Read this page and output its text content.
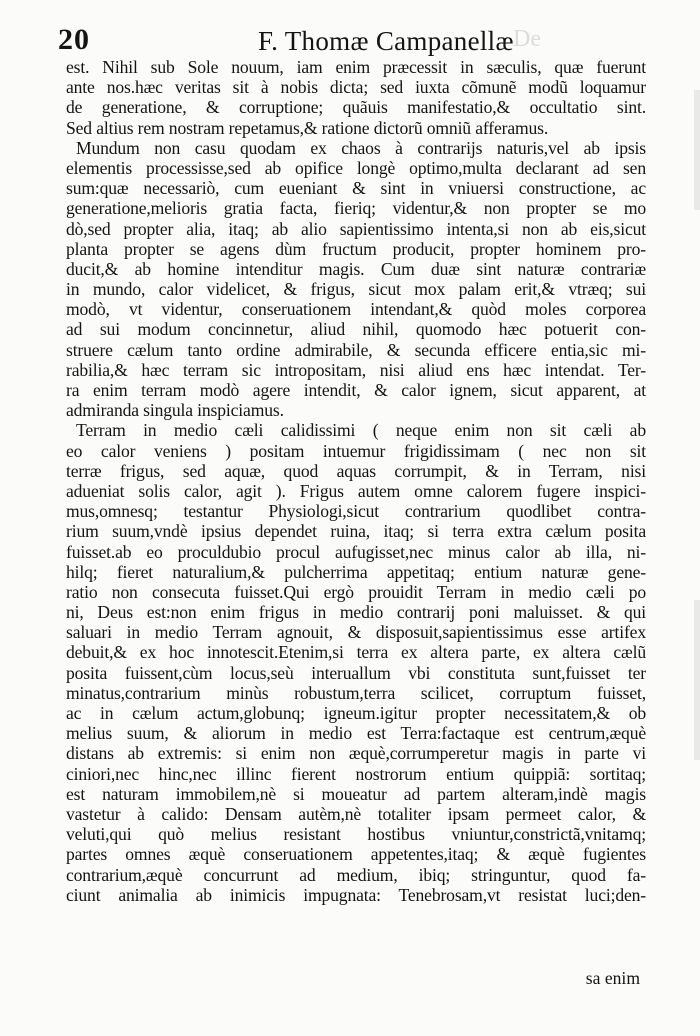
20	F. Thomæ Campanellæ De
est. Nihil sub Sole nouum, iam enim præcessit in sæculis, quæ fuerunt
ante nos.hæc veritas sit à nobis dicta; sed iuxta cõmunẽ modũ loquamur
de generatione, & corruptione; quãuis manifestatio,& occultatio sint.
Sed altius rem nostram repetamus,& ratione dictorũ omniũ afferamus.
Mundum non casu quodam ex chaos à contrarijs naturis,vel ab ipsis
elementis processisse,sed ab opifice longè optimo,multa declarant ad sen
sum:quæ necessariò, cum eueniant & sint in vniuersi constructione, ac
generatione,melioris gratia facta, fieriq; videntur,& non propter se mo
dò,sed propter alia, itaq; ab alio sapientissimo intenta,si non ab eis,sicut
planta propter se agens dùm fructum producit, propter hominem pro-
ducit,& ab homine intenditur magis. Cum duæ sint naturæ contrariæ
in mundo, calor videlicet, & frigus, sicut mox palam erit,& vtræq; sui
modò, vt videntur, conseruationem intendant,& quòd moles corporea
ad sui modum concinnetur, aliud nihil, quomodo hæc potuerit con-
struere cælum tanto ordine admirabile, & secunda efficere entia,sic mi-
rabilia,& hæc terram sic intropositam, nisi aliud ens hæc intendat. Ter-
ra enim terram modò agere intendit, & calor ignem, sicut apparent, at
admiranda singula inspiciamus.
Terram in medio cæli calidissimi ( neque enim non sit cæli ab
eo calor veniens ) positam intuemur frigidissimam ( nec non sit
terræ frigus, sed aquæ, quod aquas corrumpit, & in Terram, nisi
adueniat solis calor, agit ). Frigus autem omne calorem fugere inspici-
mus,omnesq; testantur Physiologi,sicut contrarium quodlibet contra-
rium suum,vndè ipsius dependet ruina, itaq; si terra extra cælum posita
fuisset.ab eo proculdubio procul aufugisset,nec minus calor ab illa, ni-
hilq; fieret naturalium,& pulcherrima appetitaq; entium naturæ gene-
ratio non consecuta fuisset.Qui ergò prouidit Terram in medio cæli po
ni, Deus est:non enim frigus in medio contrarij poni maluisset. & qui
saluari in medio Terram agnouit, & disposuit,sapientissimus esse artifex
debuit,& ex hoc innotescit.Etenim,si terra ex altera parte, ex altera cælũ
posita fuissent,cùm locus,seù interuallum vbi constituta sunt,fuisset ter
minatus,contrarium minùs robustum,terra scilicet, corruptum fuisset,
ac in cælum actum,globunq; igneum.igitur propter necessitatem,& ob
melius suum, & aliorum in medio est Terra:factaque est centrum,æquè
distans ab extremis: si enim non æquè,corrumperetur magis in parte vi
ciniori,nec hinc,nec illinc fierent nostrorum entium quippiã: sortitaq;
est naturam immobilem,nè si moueatur ad partem alteram,indè magis
vastetur à calido: Densam autèm,nè totaliter ipsam permeet calor, &
veluti,qui quò melius resistant hostibus vniuntur,constrictã,vnitamq;
partes omnes æquè conseruationem appetentes,itaq; & æquè fugientes
contrarium,æquè concurrunt ad medium, ibiq; stringuntur, quod fa-
ciunt animalia ab inimicis impugnata: Tenebrosam,vt resistat luci;den-
sa enim
